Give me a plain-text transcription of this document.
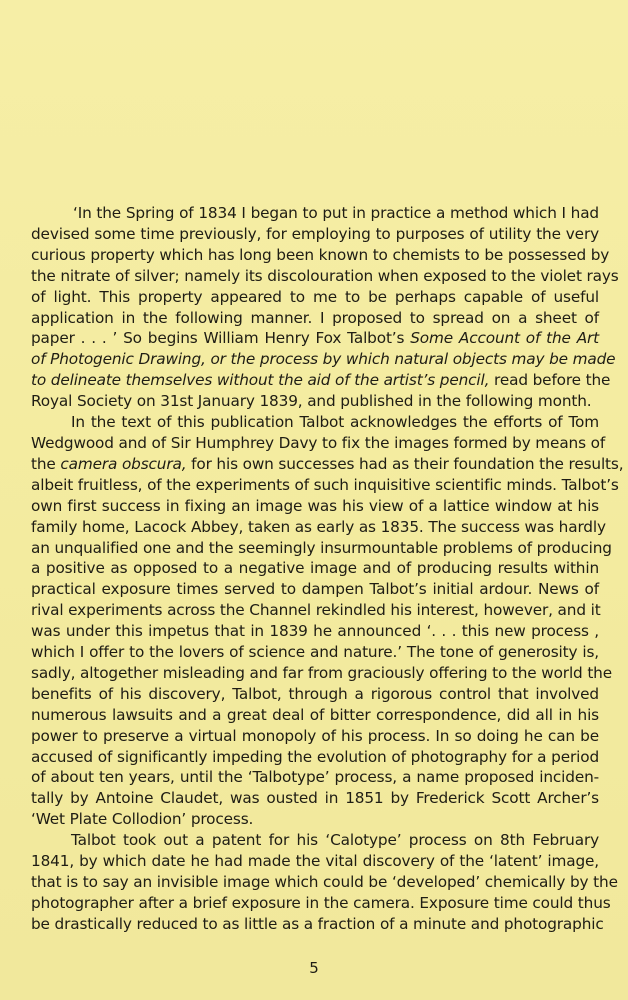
‘In the Spring of 1834 I began to put in practice a method which I had
devised some time previously, for employing to purposes of utility the very
curious property which has long been known to chemists to be possessed by
the nitrate of silver; namely its discolouration when exposed to the violet rays
of light. This property appeared to me to be perhaps capable of useful
application in the following manner. I proposed to spread on a sheet of
paper . . . ’ So begins William Henry Fox Talbot’s Some Account of the Art
of Photogenic Drawing, or the process by which natural objects may be made
to delineate themselves without the aid of the artist’s pencil, read before the
Royal Society on 31st January 1839, and published in the following month.
In the text of this publication Talbot acknowledges the efforts of Tom
Wedgwood and of Sir Humphrey Davy to fix the images formed by means of
the camera obscura, for his own successes had as their foundation the results,
albeit fruitless, of the experiments of such inquisitive scientific minds. Talbot’s
own first success in fixing an image was his view of a lattice window at his
family home, Lacock Abbey, taken as early as 1835. The success was hardly
an unqualified one and the seemingly insurmountable problems of producing
a positive as opposed to a negative image and of producing results within
practical exposure times served to dampen Talbot’s initial ardour. News of
rival experiments across the Channel rekindled his interest, however, and it
was under this impetus that in 1839 he announced ‘. . . this new process ,
which I offer to the lovers of science and nature.’ The tone of generosity is,
sadly, altogether misleading and far from graciously offering to the world the
benefits of his discovery, Talbot, through a rigorous control that involved
numerous lawsuits and a great deal of bitter correspondence, did all in his
power to preserve a virtual monopoly of his process. In so doing he can be
accused of significantly impeding the evolution of photography for a period
of about ten years, until the ‘Talbotype’ process, a name proposed inciden-
tally by Antoine Claudet, was ousted in 1851 by Frederick Scott Archer’s
‘Wet Plate Collodion’ process.
Talbot took out a patent for his ‘Calotype’ process on 8th February
1841, by which date he had made the vital discovery of the ‘latent’ image,
that is to say an invisible image which could be ‘developed’ chemically by the
photographer after a brief exposure in the camera. Exposure time could thus
be drastically reduced to as little as a fraction of a minute and photographic
5
